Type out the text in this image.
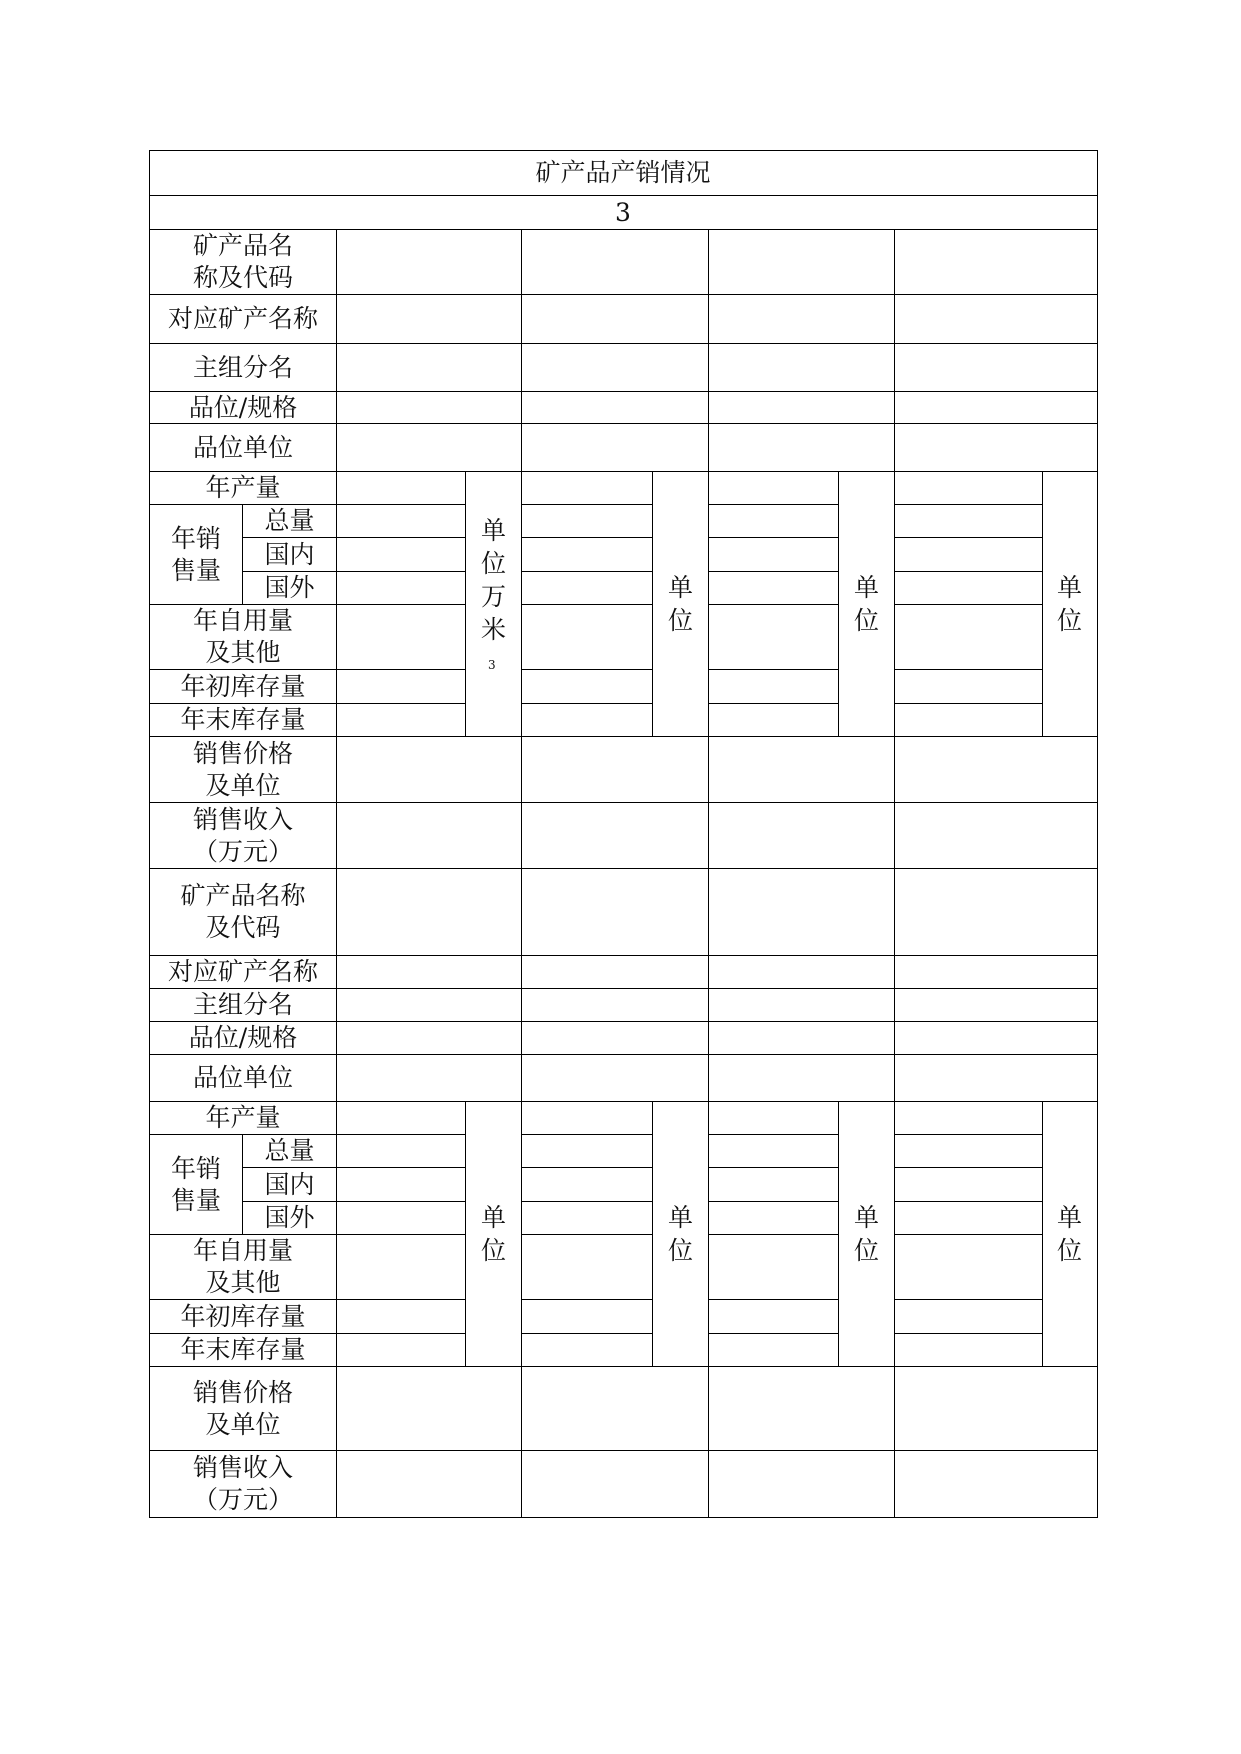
矿产品产销情况
3
矿产品名
称及代码
对应矿产名称
主组分名
品位/规格
品位单位
年产量
年销
售量
总量
国内
国外
年自用量
及其他
年初库存量
年末库存量
销售价格
及单位
销售收入
（万元）
单
位
万
米
3
单
位
单
位
单
位
矿产品名称
及代码
对应矿产名称
主组分名
品位/规格
品位单位
年产量
年销
售量
总量
国内
国外
年自用量
及其他
年初库存量
年末库存量
销售价格
及单位
销售收入
（万元）
单
位
单
位
单
位
单
位
